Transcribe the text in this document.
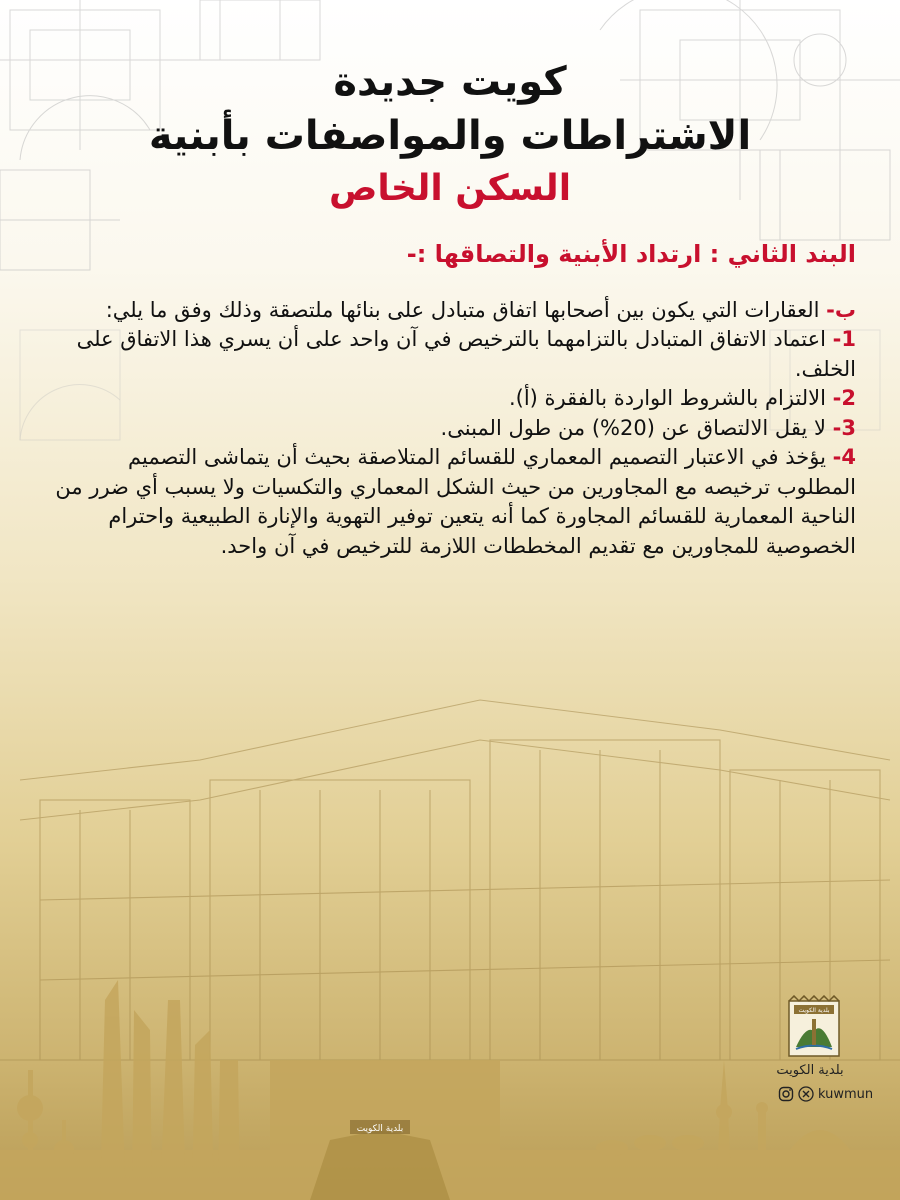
بلدية الكويت
كويت جديدة
الاشتراطات والمواصفات بأبنية
السكن الخاص
البند الثاني : ارتداد الأبنية والتصاقها :-

ب- العقارات التي يكون بين أصحابها اتفاق متبادل على بنائها ملتصقة وذلك وفق ما يلي:

1- اعتماد الاتفاق المتبادل بالتزامهما بالترخيص في آن واحد على أن يسري هذا الاتفاق على الخلف.

2- الالتزام بالشروط الواردة بالفقرة (أ).

3- لا يقل الالتصاق عن (20%) من طول المبنى.

4- يؤخذ في الاعتبار التصميم المعماري للقسائم المتلاصقة بحيث أن يتماشى التصميم المطلوب ترخيصه مع المجاورين من حيث الشكل المعماري والتكسيات ولا يسبب أي ضرر من الناحية المعمارية للقسائم المجاورة كما أنه يتعين توفير التهوية والإنارة الطبيعية واحترام الخصوصية للمجاورين مع تقديم المخططات اللازمة للترخيص في آن واحد.

بلدية الكويت
بلدية الكويت
kuwmun
